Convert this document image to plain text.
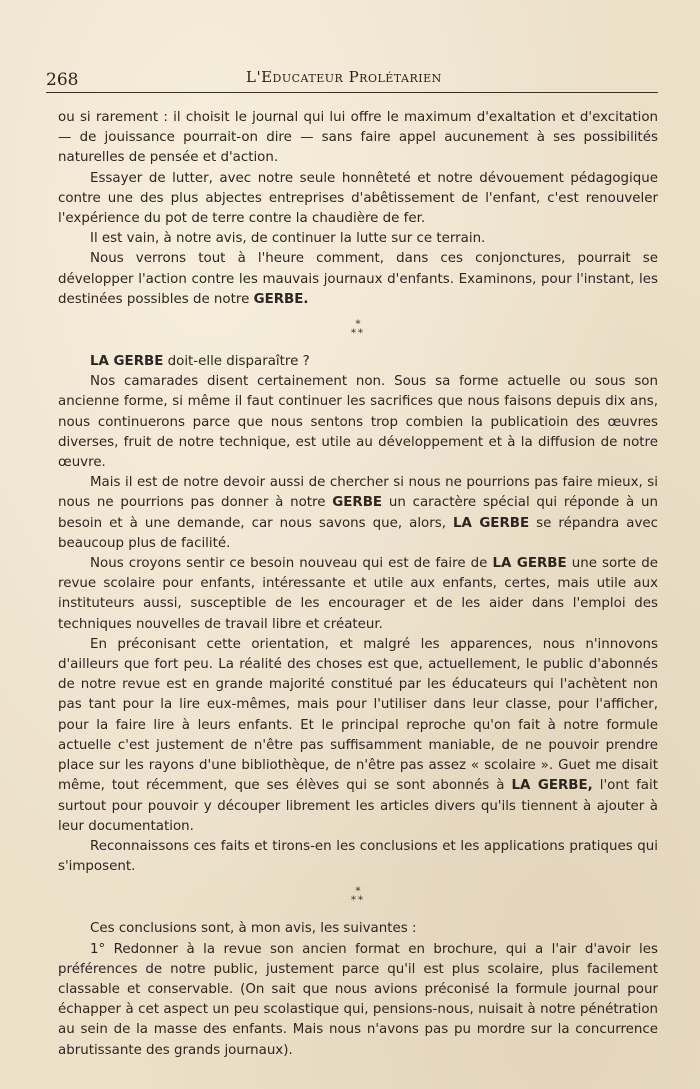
268	L'Educateur Prolétarien

ou si rarement : il choisit le journal qui lui offre le maximum d'exaltation et d'excitation — de jouissance pourrait-on dire — sans faire appel aucunement à ses possibilités naturelles de pensée et d'action.

Essayer de lutter, avec notre seule honnêteté et notre dévouement pédagogique contre une des plus abjectes entreprises d'abêtissement de l'enfant, c'est renouveler l'expérience du pot de terre contre la chaudière de fer.

Il est vain, à notre avis, de continuer la lutte sur ce terrain.

Nous verrons tout à l'heure comment, dans ces conjonctures, pourrait se développer l'action contre les mauvais journaux d'enfants. Examinons, pour l'instant, les destinées possibles de notre GERBE.

*
**

LA GERBE doit-elle disparaître ?

Nos camarades disent certainement non. Sous sa forme actuelle ou sous son ancienne forme, si même il faut continuer les sacrifices que nous faisons depuis dix ans, nous continuerons parce que nous sentons trop combien la publicatioin des œuvres diverses, fruit de notre technique, est utile au développement et à la diffusion de notre œuvre.

Mais il est de notre devoir aussi de chercher si nous ne pourrions pas faire mieux, si nous ne pourrions pas donner à notre GERBE un caractère spécial qui réponde à un besoin et à une demande, car nous savons que, alors, LA GERBE se répandra avec beaucoup plus de facilité.

Nous croyons sentir ce besoin nouveau qui est de faire de LA GERBE une sorte de revue scolaire pour enfants, intéressante et utile aux enfants, certes, mais utile aux instituteurs aussi, susceptible de les encourager et de les aider dans l'emploi des techniques nouvelles de travail libre et créateur.

En préconisant cette orientation, et malgré les apparences, nous n'innovons d'ailleurs que fort peu. La réalité des choses est que, actuellement, le public d'abonnés de notre revue est en grande majorité constitué par les éducateurs qui l'achètent non pas tant pour la lire eux-mêmes, mais pour l'utiliser dans leur classe, pour l'afficher, pour la faire lire à leurs enfants. Et le principal reproche qu'on fait à notre formule actuelle c'est justement de n'être pas suffisamment maniable, de ne pouvoir prendre place sur les rayons d'une bibliothèque, de n'être pas assez « scolaire ». Guet me disait même, tout récemment, que ses élèves qui se sont abonnés à LA GERBE, l'ont fait surtout pour pouvoir y découper librement les articles divers qu'ils tiennent à ajouter à leur documentation.

Reconnaissons ces faits et tirons-en les conclusions et les applications pratiques qui s'imposent.

*
**

Ces conclusions sont, à mon avis, les suivantes :

1° Redonner à la revue son ancien format en brochure, qui a l'air d'avoir les préférences de notre public, justement parce qu'il est plus scolaire, plus facilement classable et conservable. (On sait que nous avions préconisé la formule journal pour échapper à cet aspect un peu scolastique qui, pensions-nous, nuisait à notre pénétration au sein de la masse des enfants. Mais nous n'avons pas pu mordre sur la concurrence abrutissante des grands journaux).
